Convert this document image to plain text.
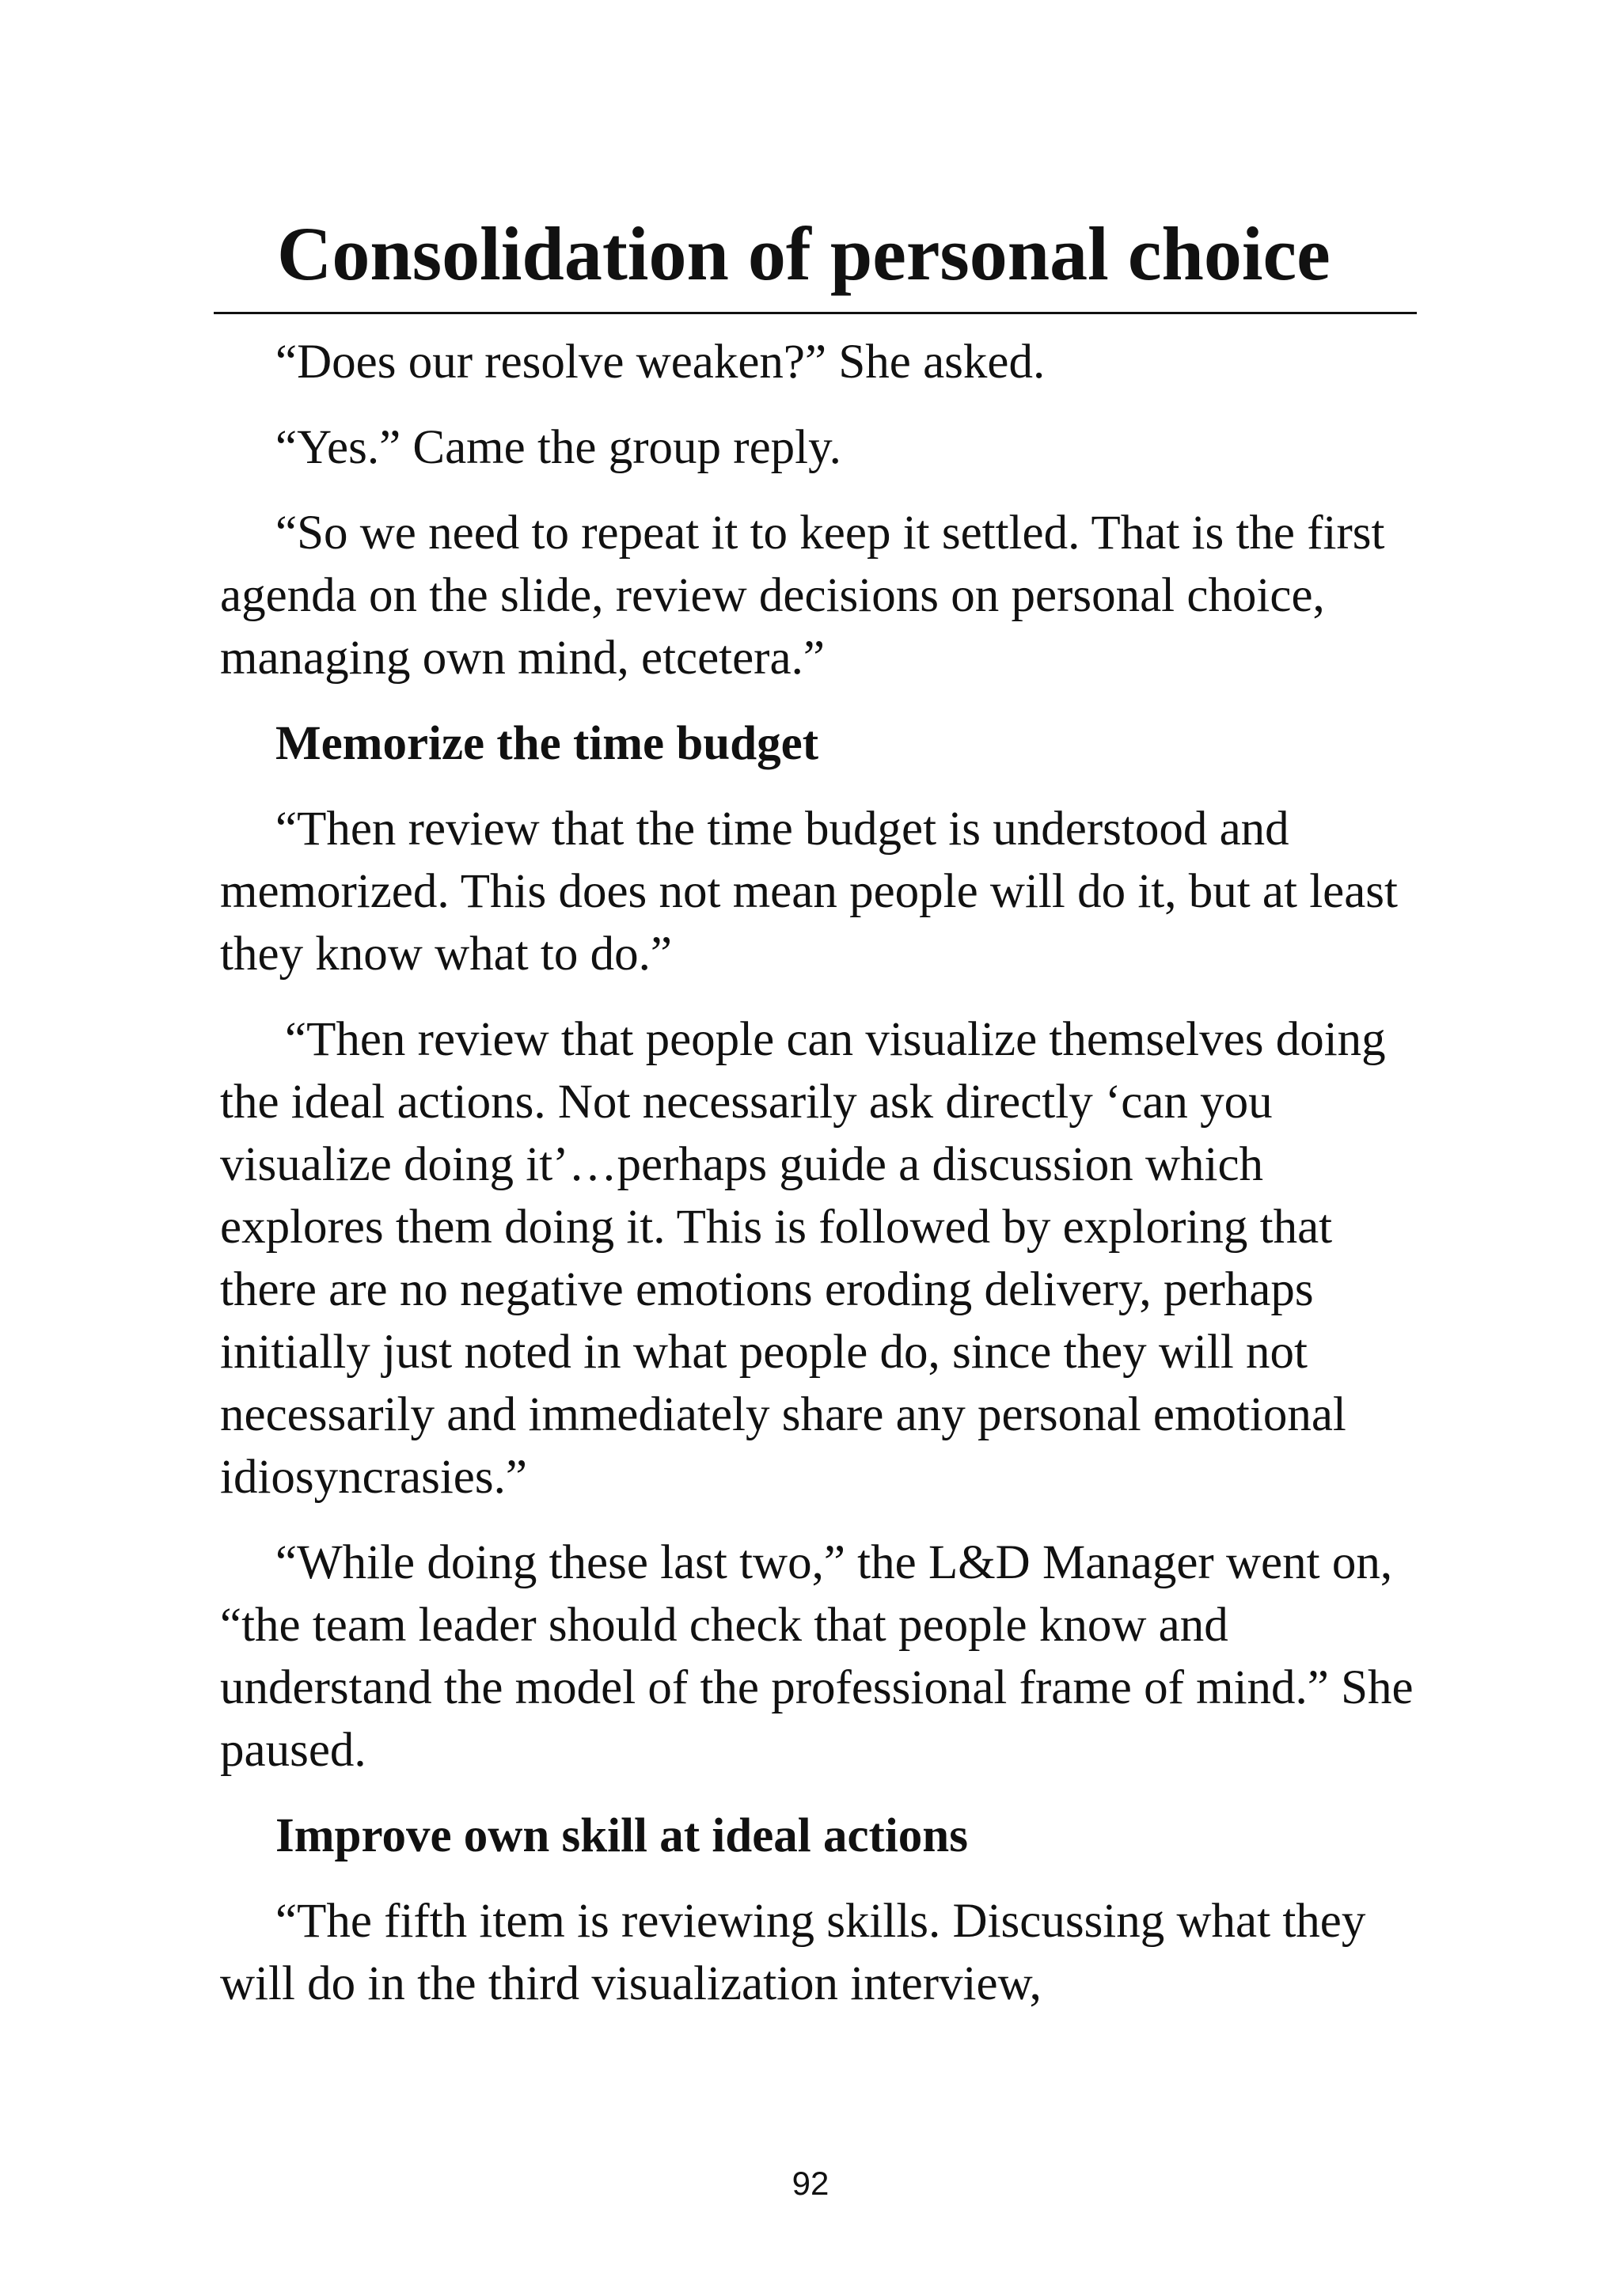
Consolidation of personal choice

“Does our resolve weaken?” She asked.

“Yes.” Came the group reply.

“So we need to repeat it to keep it settled. That is the first agenda on the slide, review decisions on personal choice, managing own mind, etcetera.”

Memorize the time budget

“Then review that the time budget is understood and memorized. This does not mean people will do it, but at least they know what to do.”

“Then review that people can visualize themselves doing the ideal actions. Not necessarily ask directly ‘can you visualize doing it’…perhaps guide a discussion which explores them doing it. This is followed by exploring that there are no negative emotions eroding delivery, perhaps initially just noted in what people do, since they will not necessarily and immediately share any personal emotional idiosyncrasies.”

“While doing these last two,” the L&D Manager went on, “the team leader should check that people know and understand the model of the professional frame of mind.” She paused.

Improve own skill at ideal actions

“The fifth item is reviewing skills. Discussing what they will do in the third visualization interview,

92
